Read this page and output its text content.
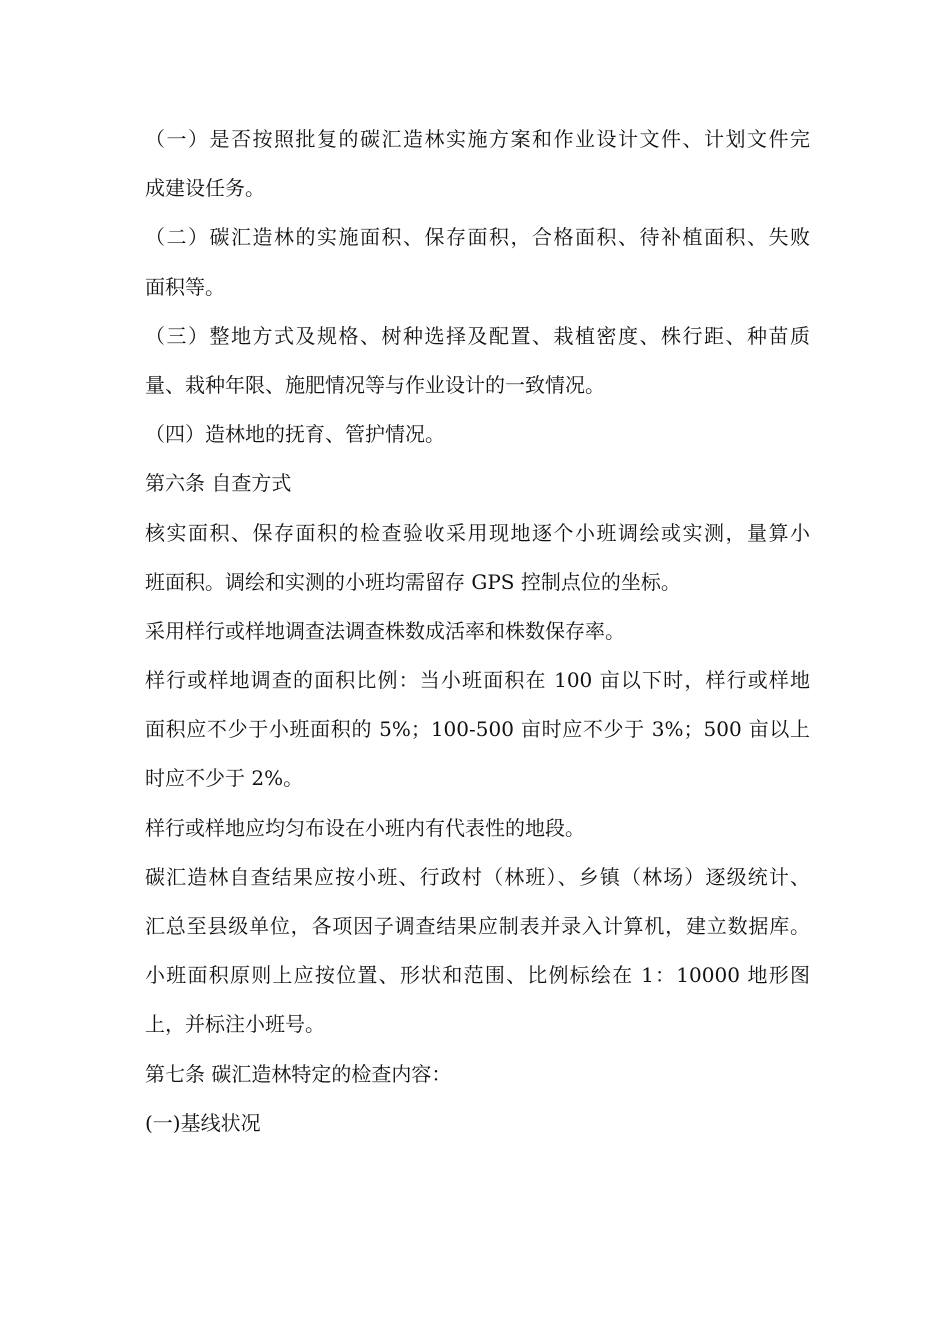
（一）是否按照批复的碳汇造林实施方案和作业设计文件、计划文件完
成建设任务。
（二）碳汇造林的实施面积、保存面积，合格面积、待补植面积、失败
面积等。
（三）整地方式及规格、树种选择及配置、栽植密度、株行距、种苗质
量、栽种年限、施肥情况等与作业设计的一致情况。
（四）造林地的抚育、管护情况。
第六条 自查方式
核实面积、保存面积的检查验收采用现地逐个小班调绘或实测，量算小
班面积。调绘和实测的小班均需留存 GPS 控制点位的坐标。
采用样行或样地调查法调查株数成活率和株数保存率。
样行或样地调查的面积比例：当小班面积在 100 亩以下时，样行或样地
面积应不少于小班面积的 5%；100-500 亩时应不少于 3%；500 亩以上
时应不少于 2%。
样行或样地应均匀布设在小班内有代表性的地段。
碳汇造林自查结果应按小班、行政村（林班）、乡镇（林场）逐级统计、
汇总至县级单位，各项因子调查结果应制表并录入计算机，建立数据库。
小班面积原则上应按位置、形状和范围、比例标绘在 1：10000 地形图
上，并标注小班号。
第七条 碳汇造林特定的检查内容：
(一)基线状况
